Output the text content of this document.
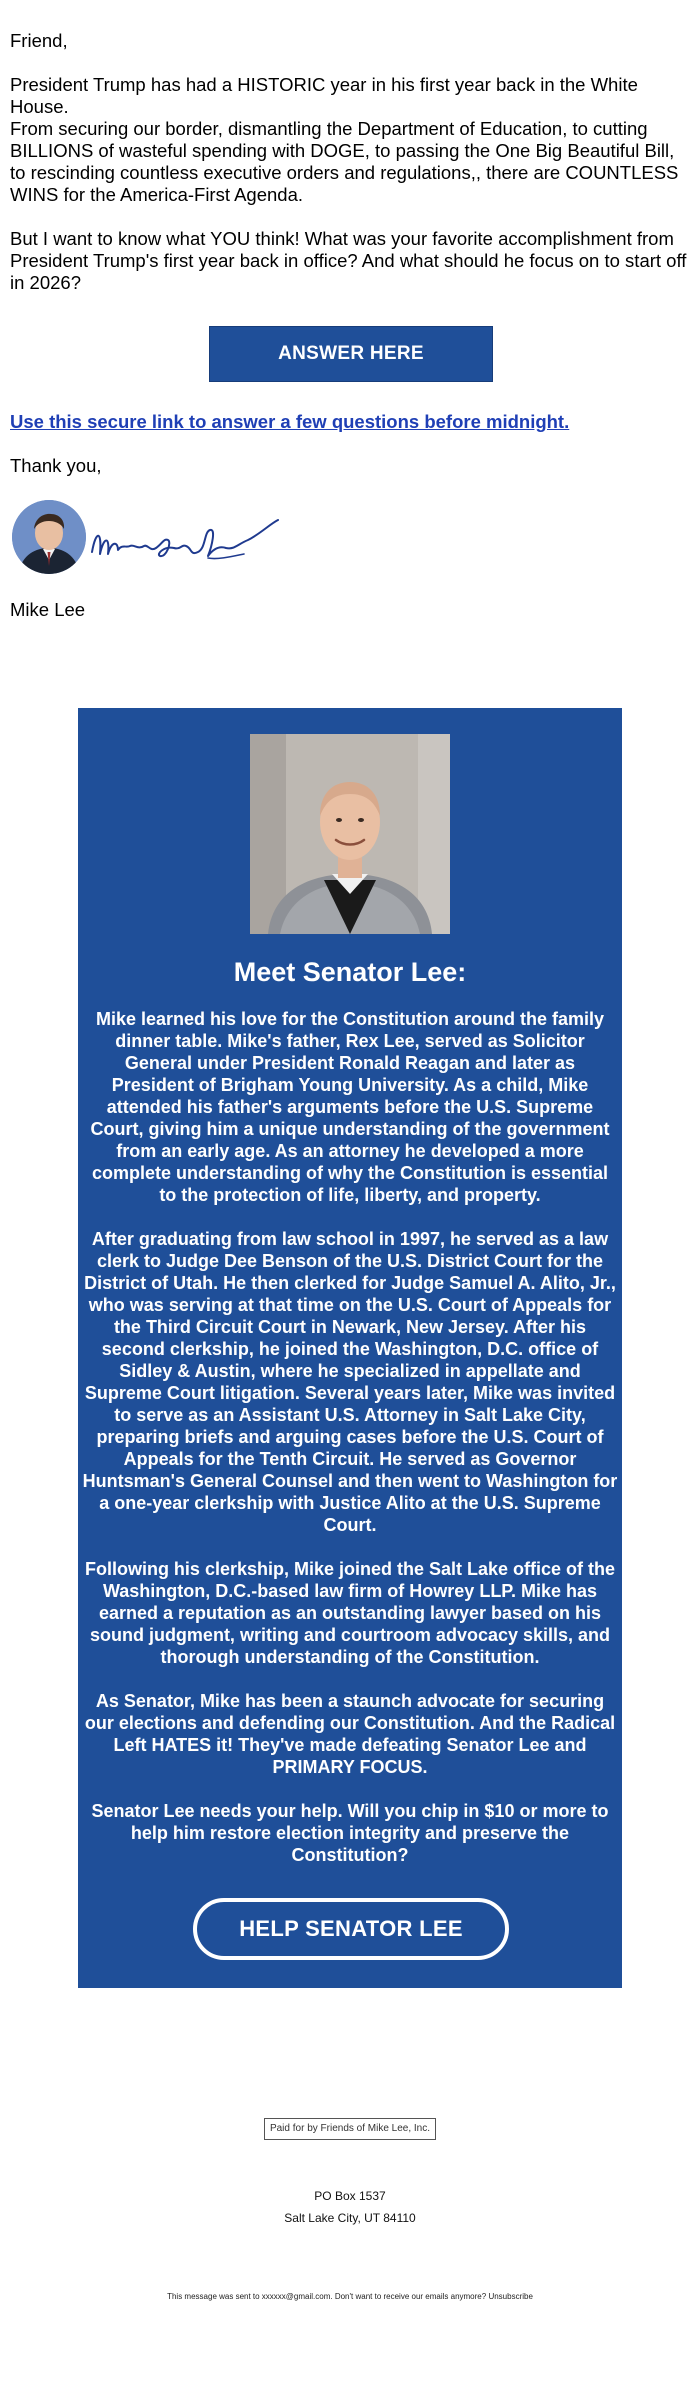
Friend,

President Trump has had a HISTORIC year in his first year back in the White House.

From securing our border, dismantling the Department of Education, to cutting BILLIONS of wasteful spending with DOGE, to passing the One Big Beautiful Bill, to rescinding countless executive orders and regulations,, there are COUNTLESS WINS for the America-First Agenda.

But I want to know what YOU think! What was your favorite accomplishment from President Trump's first year back in office? And what should he focus on to start off in 2026?

ANSWER HERE
Use this secure link to answer a few questions before midnight.

Thank you,

Mike Lee

Meet Senator Lee:

Mike learned his love for the Constitution around the family dinner table. Mike's father, Rex Lee, served as Solicitor General under President Ronald Reagan and later as President of Brigham Young University. As a child, Mike attended his father's arguments before the U.S. Supreme Court, giving him a unique understanding of the government from an early age. As an attorney he developed a more complete understanding of why the Constitution is essential to the protection of life, liberty, and property.

After graduating from law school in 1997, he served as a law clerk to Judge Dee Benson of the U.S. District Court for the District of Utah. He then clerked for Judge Samuel A. Alito, Jr., who was serving at that time on the U.S. Court of Appeals for the Third Circuit Court in Newark, New Jersey. After his second clerkship, he joined the Washington, D.C. office of Sidley & Austin, where he specialized in appellate and Supreme Court litigation. Several years later, Mike was invited to serve as an Assistant U.S. Attorney in Salt Lake City, preparing briefs and arguing cases before the U.S. Court of Appeals for the Tenth Circuit. He served as Governor Huntsman's General Counsel and then went to Washington for a one-year clerkship with Justice Alito at the U.S. Supreme Court.

Following his clerkship, Mike joined the Salt Lake office of the Washington, D.C.-based law firm of Howrey LLP. Mike has earned a reputation as an outstanding lawyer based on his sound judgment, writing and courtroom advocacy skills, and thorough understanding of the Constitution.

As Senator, Mike has been a staunch advocate for securing our elections and defending our Constitution. And the Radical Left HATES it! They've made defeating Senator Lee and PRIMARY FOCUS.

Senator Lee needs your help. Will you chip in $10 or more to help him restore election integrity and preserve the Constitution?

HELP SENATOR LEE
Paid for by Friends of Mike Lee, Inc.
PO Box 1537
Salt Lake City, UT 84110
This message was sent to xxxxxx@gmail.com. Don't want to receive our emails anymore? Unsubscribe
